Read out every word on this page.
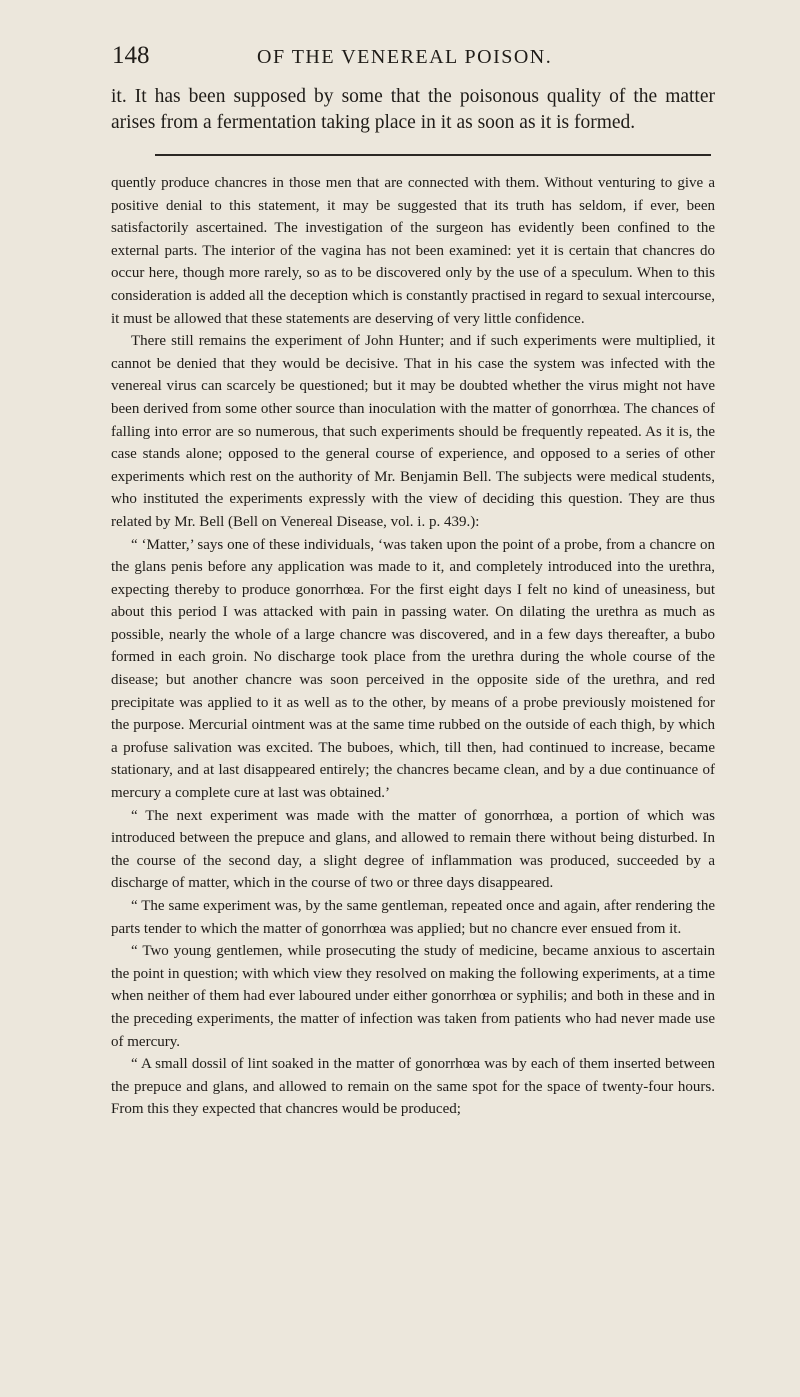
148	OF THE VENEREAL POISON.
it. It has been supposed by some that the poisonous quality of the matter arises from a fermentation taking place in it as soon as it is formed.

quently produce chancres in those men that are connected with them. Without venturing to give a positive denial to this statement, it may be suggested that its truth has seldom, if ever, been satisfactorily ascertained. The investigation of the surgeon has evidently been confined to the external parts. The interior of the vagina has not been examined: yet it is certain that chancres do occur here, though more rarely, so as to be discovered only by the use of a speculum. When to this consideration is added all the deception which is constantly practised in regard to sexual intercourse, it must be allowed that these statements are deserving of very little confidence.

There still remains the experiment of John Hunter; and if such experiments were multiplied, it cannot be denied that they would be decisive. That in his case the system was infected with the venereal virus can scarcely be questioned; but it may be doubted whether the virus might not have been derived from some other source than inoculation with the matter of gonorrhœa. The chances of falling into error are so numerous, that such experiments should be frequently repeated. As it is, the case stands alone; opposed to the general course of experience, and opposed to a series of other experiments which rest on the authority of Mr. Benjamin Bell. The subjects were medical students, who instituted the experiments expressly with the view of deciding this question. They are thus related by Mr. Bell (Bell on Venereal Disease, vol. i. p. 439.):

“ ‘Matter,’ says one of these individuals, ‘was taken upon the point of a probe, from a chancre on the glans penis before any application was made to it, and completely introduced into the urethra, expecting thereby to produce gonorrhœa. For the first eight days I felt no kind of uneasiness, but about this period I was attacked with pain in passing water. On dilating the urethra as much as possible, nearly the whole of a large chancre was discovered, and in a few days thereafter, a bubo formed in each groin. No discharge took place from the urethra during the whole course of the disease; but another chancre was soon perceived in the opposite side of the urethra, and red precipitate was applied to it as well as to the other, by means of a probe previously moistened for the purpose. Mercurial ointment was at the same time rubbed on the outside of each thigh, by which a profuse salivation was excited. The buboes, which, till then, had continued to increase, became stationary, and at last disappeared entirely; the chancres became clean, and by a due continuance of mercury a complete cure at last was obtained.’

“ The next experiment was made with the matter of gonorrhœa, a portion of which was introduced between the prepuce and glans, and allowed to remain there without being disturbed. In the course of the second day, a slight degree of inflammation was produced, succeeded by a discharge of matter, which in the course of two or three days disappeared.

“ The same experiment was, by the same gentleman, repeated once and again, after rendering the parts tender to which the matter of gonorrhœa was applied; but no chancre ever ensued from it.

“ Two young gentlemen, while prosecuting the study of medicine, became anxious to ascertain the point in question; with which view they resolved on making the following experiments, at a time when neither of them had ever laboured under either gonorrhœa or syphilis; and both in these and in the preceding experiments, the matter of infection was taken from patients who had never made use of mercury.

“ A small dossil of lint soaked in the matter of gonorrhœa was by each of them inserted between the prepuce and glans, and allowed to remain on the same spot for the space of twenty-four hours. From this they expected that chancres would be produced;
